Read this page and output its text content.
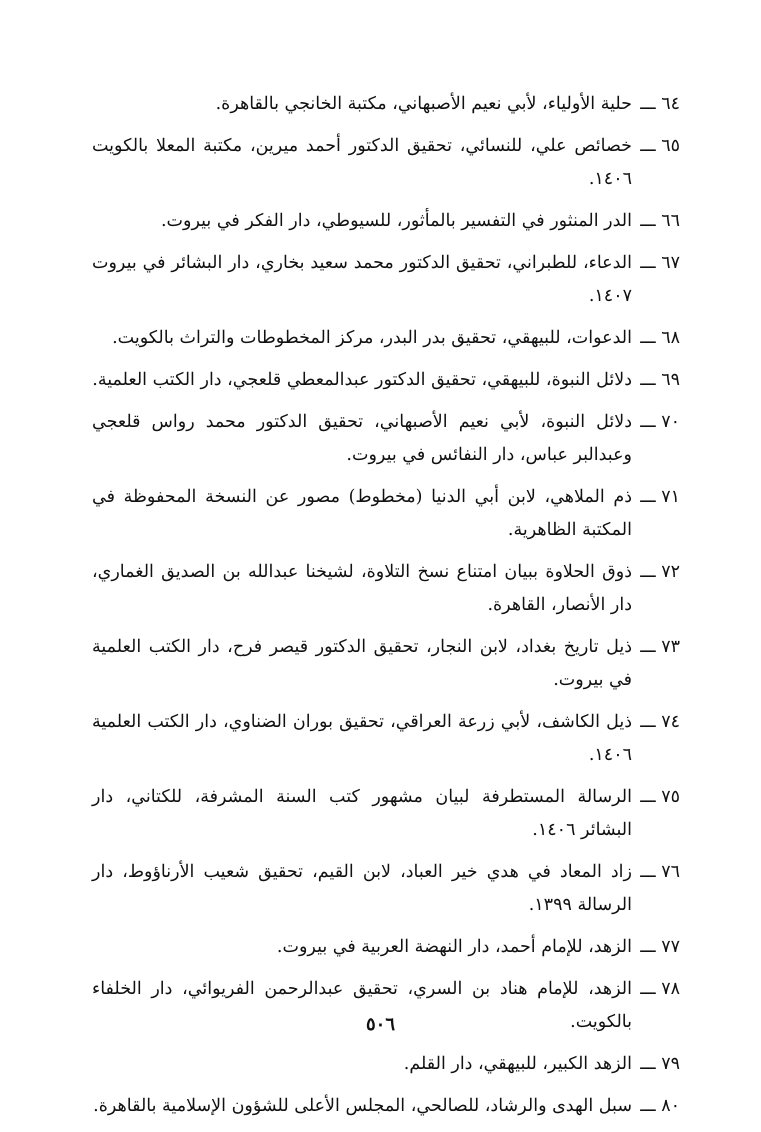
٦٤ ـــ
حلية الأولياء، لأبي نعيم الأصبهاني، مكتبة الخانجي بالقاهرة.
٦٥ ـــ
خصائص علي، للنسائي، تحقيق الدكتور أحمد ميرين، مكتبة المعلا بالكويت ١٤٠٦.
٦٦ ـــ
الدر المنثور في التفسير بالمأثور، للسيوطي، دار الفكر في بيروت.
٦٧ ـــ
الدعاء، للطبراني، تحقيق الدكتور محمد سعيد بخاري، دار البشائر في بيروت ١٤٠٧.
٦٨ ـــ
الدعوات، للبيهقي، تحقيق بدر البدر، مركز المخطوطات والتراث بالكويت.
٦٩ ـــ
دلائل النبوة، للبيهقي، تحقيق الدكتور عبدالمعطي قلعجي، دار الكتب العلمية.
٧٠ ـــ
دلائل النبوة، لأبي نعيم الأصبهاني، تحقيق الدكتور محمد رواس قلعجي وعبدالبر عباس، دار النفائس في بيروت.
٧١ ـــ
ذم الملاهي، لابن أبي الدنيا (مخطوط) مصور عن النسخة المحفوظة في المكتبة الظاهرية.
٧٢ ـــ
ذوق الحلاوة ببيان امتناع نسخ التلاوة، لشيخنا عبدالله بن الصديق الغماري، دار الأنصار، القاهرة.
٧٣ ـــ
ذيل تاريخ بغداد، لابن النجار، تحقيق الدكتور قيصر فرح، دار الكتب العلمية في بيروت.
٧٤ ـــ
ذيل الكاشف، لأبي زرعة العراقي، تحقيق بوران الضناوي، دار الكتب العلمية ١٤٠٦.
٧٥ ـــ
الرسالة المستطرفة لبيان مشهور كتب السنة المشرفة، للكتاني، دار البشائر ١٤٠٦.
٧٦ ـــ
زاد المعاد في هدي خير العباد، لابن القيم، تحقيق شعيب الأرناؤوط، دار الرسالة ١٣٩٩.
٧٧ ـــ
الزهد، للإمام أحمد، دار النهضة العربية في بيروت.
٧٨ ـــ
الزهد، للإمام هناد بن السري، تحقيق عبدالرحمن الفريوائي، دار الخلفاء بالكويت.
٧٩ ـــ
الزهد الكبير، للبيهقي، دار القلم.
٨٠ ـــ
سبل الهدى والرشاد، للصالحي، المجلس الأعلى للشؤون الإسلامية بالقاهرة.
٥٠٦
